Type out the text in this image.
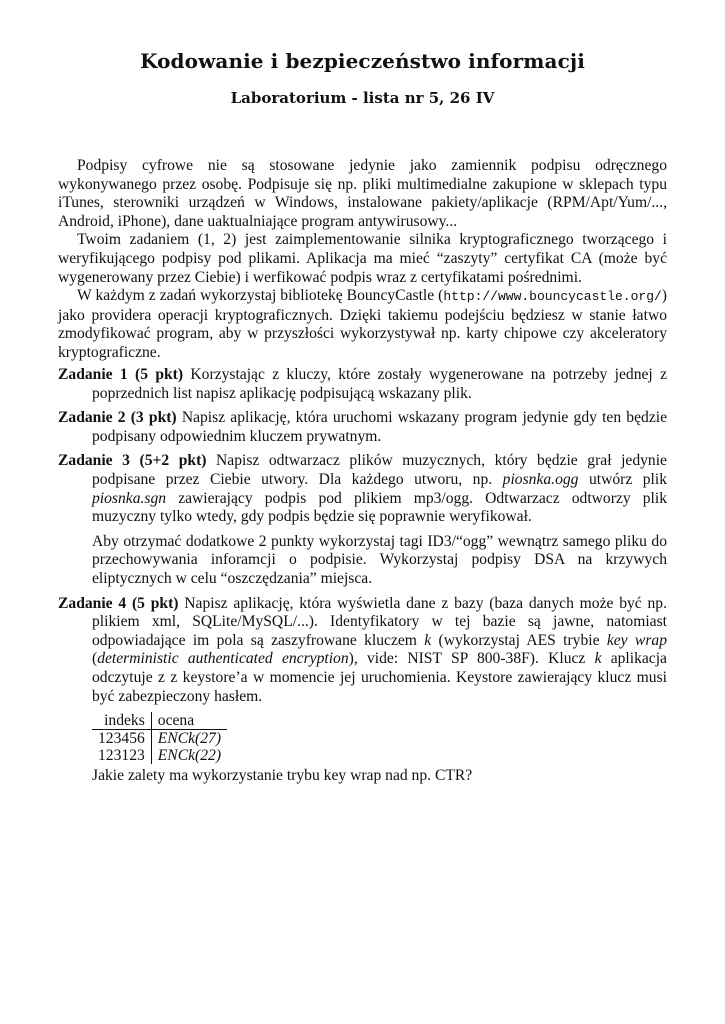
Kodowanie i bezpieczeństwo informacji
Laboratorium - lista nr 5, 26 IV

Podpisy cyfrowe nie są stosowane jedynie jako zamiennik podpisu odręcznego wykonywanego przez osobę. Podpisuje się np. pliki multimedialne zakupione w sklepach typu iTunes, sterowniki urządzeń w Windows, instalowane pakiety/aplikacje (RPM/Apt/Yum/..., Android, iPhone), dane uaktualniające program antywirusowy...

Twoim zadaniem (1, 2) jest zaimplementowanie silnika kryptograficznego tworzącego i weryfikującego podpisy pod plikami. Aplikacja ma mieć “zaszyty” certyfikat CA (może być wygenerowany przez Ciebie) i werfikować podpis wraz z certyfikatami pośrednimi.

W każdym z zadań wykorzystaj bibliotekę BouncyCastle (http://www.bouncycastle.org/) jako providera operacji kryptograficznych. Dzięki takiemu podejściu będziesz w stanie łatwo zmodyfikować program, aby w przyszłości wykorzystywał np. karty chipowe czy akceleratory kryptograficzne.

Zadanie 1 (5 pkt) Korzystając z kluczy, które zostały wygenerowane na potrzeby jednej z poprzednich list napisz aplikację podpisującą wskazany plik.

Zadanie 2 (3 pkt) Napisz aplikację, która uruchomi wskazany program jedynie gdy ten będzie podpisany odpowiednim kluczem prywatnym.

Zadanie 3 (5+2 pkt) Napisz odtwarzacz plików muzycznych, który będzie grał jedynie podpisane przez Ciebie utwory. Dla każdego utworu, np. piosnka.ogg utwórz plik piosnka.sgn zawierający podpis pod plikiem mp3/ogg. Odtwarzacz odtworzy plik muzyczny tylko wtedy, gdy podpis będzie się poprawnie weryfikował.

Aby otrzymać dodatkowe 2 punkty wykorzystaj tagi ID3/“ogg” wewnątrz samego pliku do przechowywania inforamcji o podpisie. Wykorzystaj podpisy DSA na krzywych eliptycznych w celu “oszczędzania” miejsca.

Zadanie 4 (5 pkt) Napisz aplikację, która wyświetla dane z bazy (baza danych może być np. plikiem xml, SQLite/MySQL/...). Identyfikatory w tej bazie są jawne, natomiast odpowiadające im pola są zaszyfrowane kluczem k (wykorzystaj AES trybie key wrap (deterministic authenticated encryption), vide: NIST SP 800-38F). Klucz k aplikacja odczytuje z z keystore’a w momencie jej uruchomienia. Keystore zawierający klucz musi być zabezpieczony hasłem.

indeks	ocena
123456	ENCk(27)
123123	ENCk(22)

Jakie zalety ma wykorzystanie trybu key wrap nad np. CTR?
